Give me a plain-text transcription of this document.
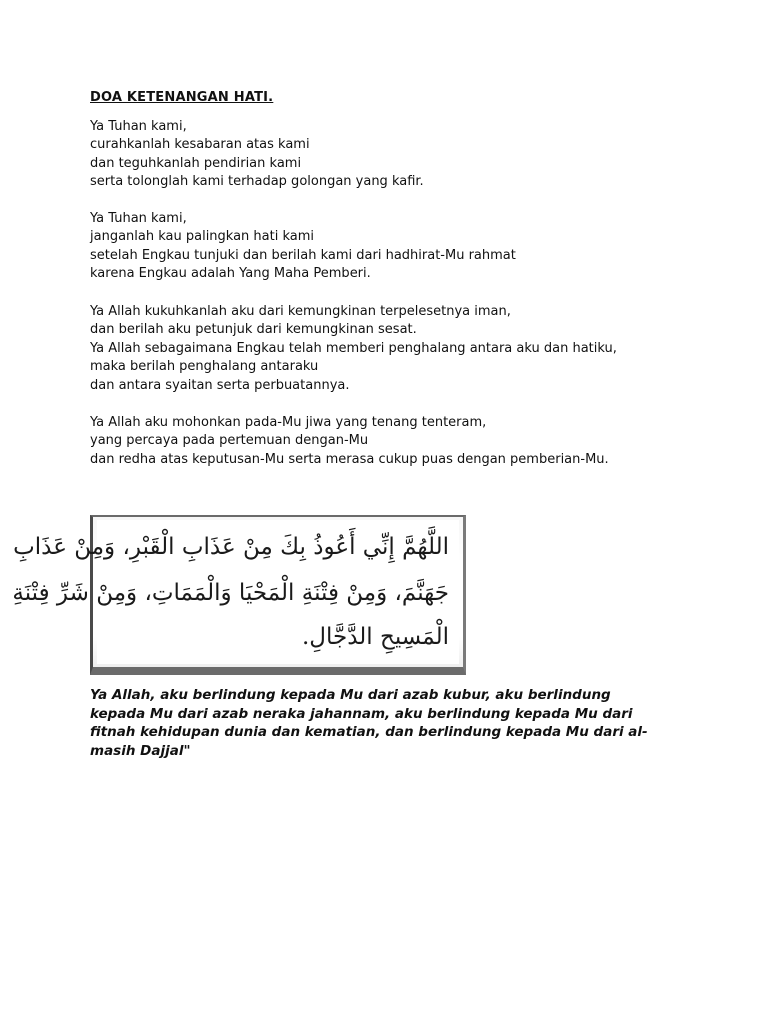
DOA KETENANGAN HATI.
Ya Tuhan kami,
curahkanlah kesabaran atas kami
dan teguhkanlah pendirian kami
serta tolonglah kami terhadap golongan yang kafir.
Ya Tuhan kami,
janganlah kau palingkan hati kami
setelah Engkau tunjuki dan berilah kami dari hadhirat-Mu rahmat
karena Engkau adalah Yang Maha Pemberi.
Ya Allah kukuhkanlah aku dari kemungkinan terpelesetnya iman,
dan berilah aku petunjuk dari kemungkinan sesat.
Ya Allah sebagaimana Engkau telah memberi penghalang antara aku dan hatiku,
maka berilah penghalang antaraku
dan antara syaitan serta perbuatannya.
Ya Allah aku mohonkan pada-Mu jiwa yang tenang tenteram,
yang percaya pada pertemuan dengan-Mu
dan redha atas keputusan-Mu serta merasa cukup puas dengan pemberian-Mu.
اللَّهُمَّ إِنِّي أَعُوذُ بِكَ مِنْ عَذَابِ الْقَبْرِ، وَمِنْ عَذَابِ
جَهَنَّمَ، وَمِنْ فِتْنَةِ الْمَحْيَا وَالْمَمَاتِ، وَمِنْ شَرِّ فِتْنَةِ
الْمَسِيحِ الدَّجَّالِ.
Ya Allah, aku berlindung kepada Mu dari azab kubur, aku berlindung kepada Mu dari azab neraka jahannam, aku berlindung kepada Mu dari fitnah kehidupan dunia dan kematian, dan berlindung kepada Mu dari al-masih Dajjal"
